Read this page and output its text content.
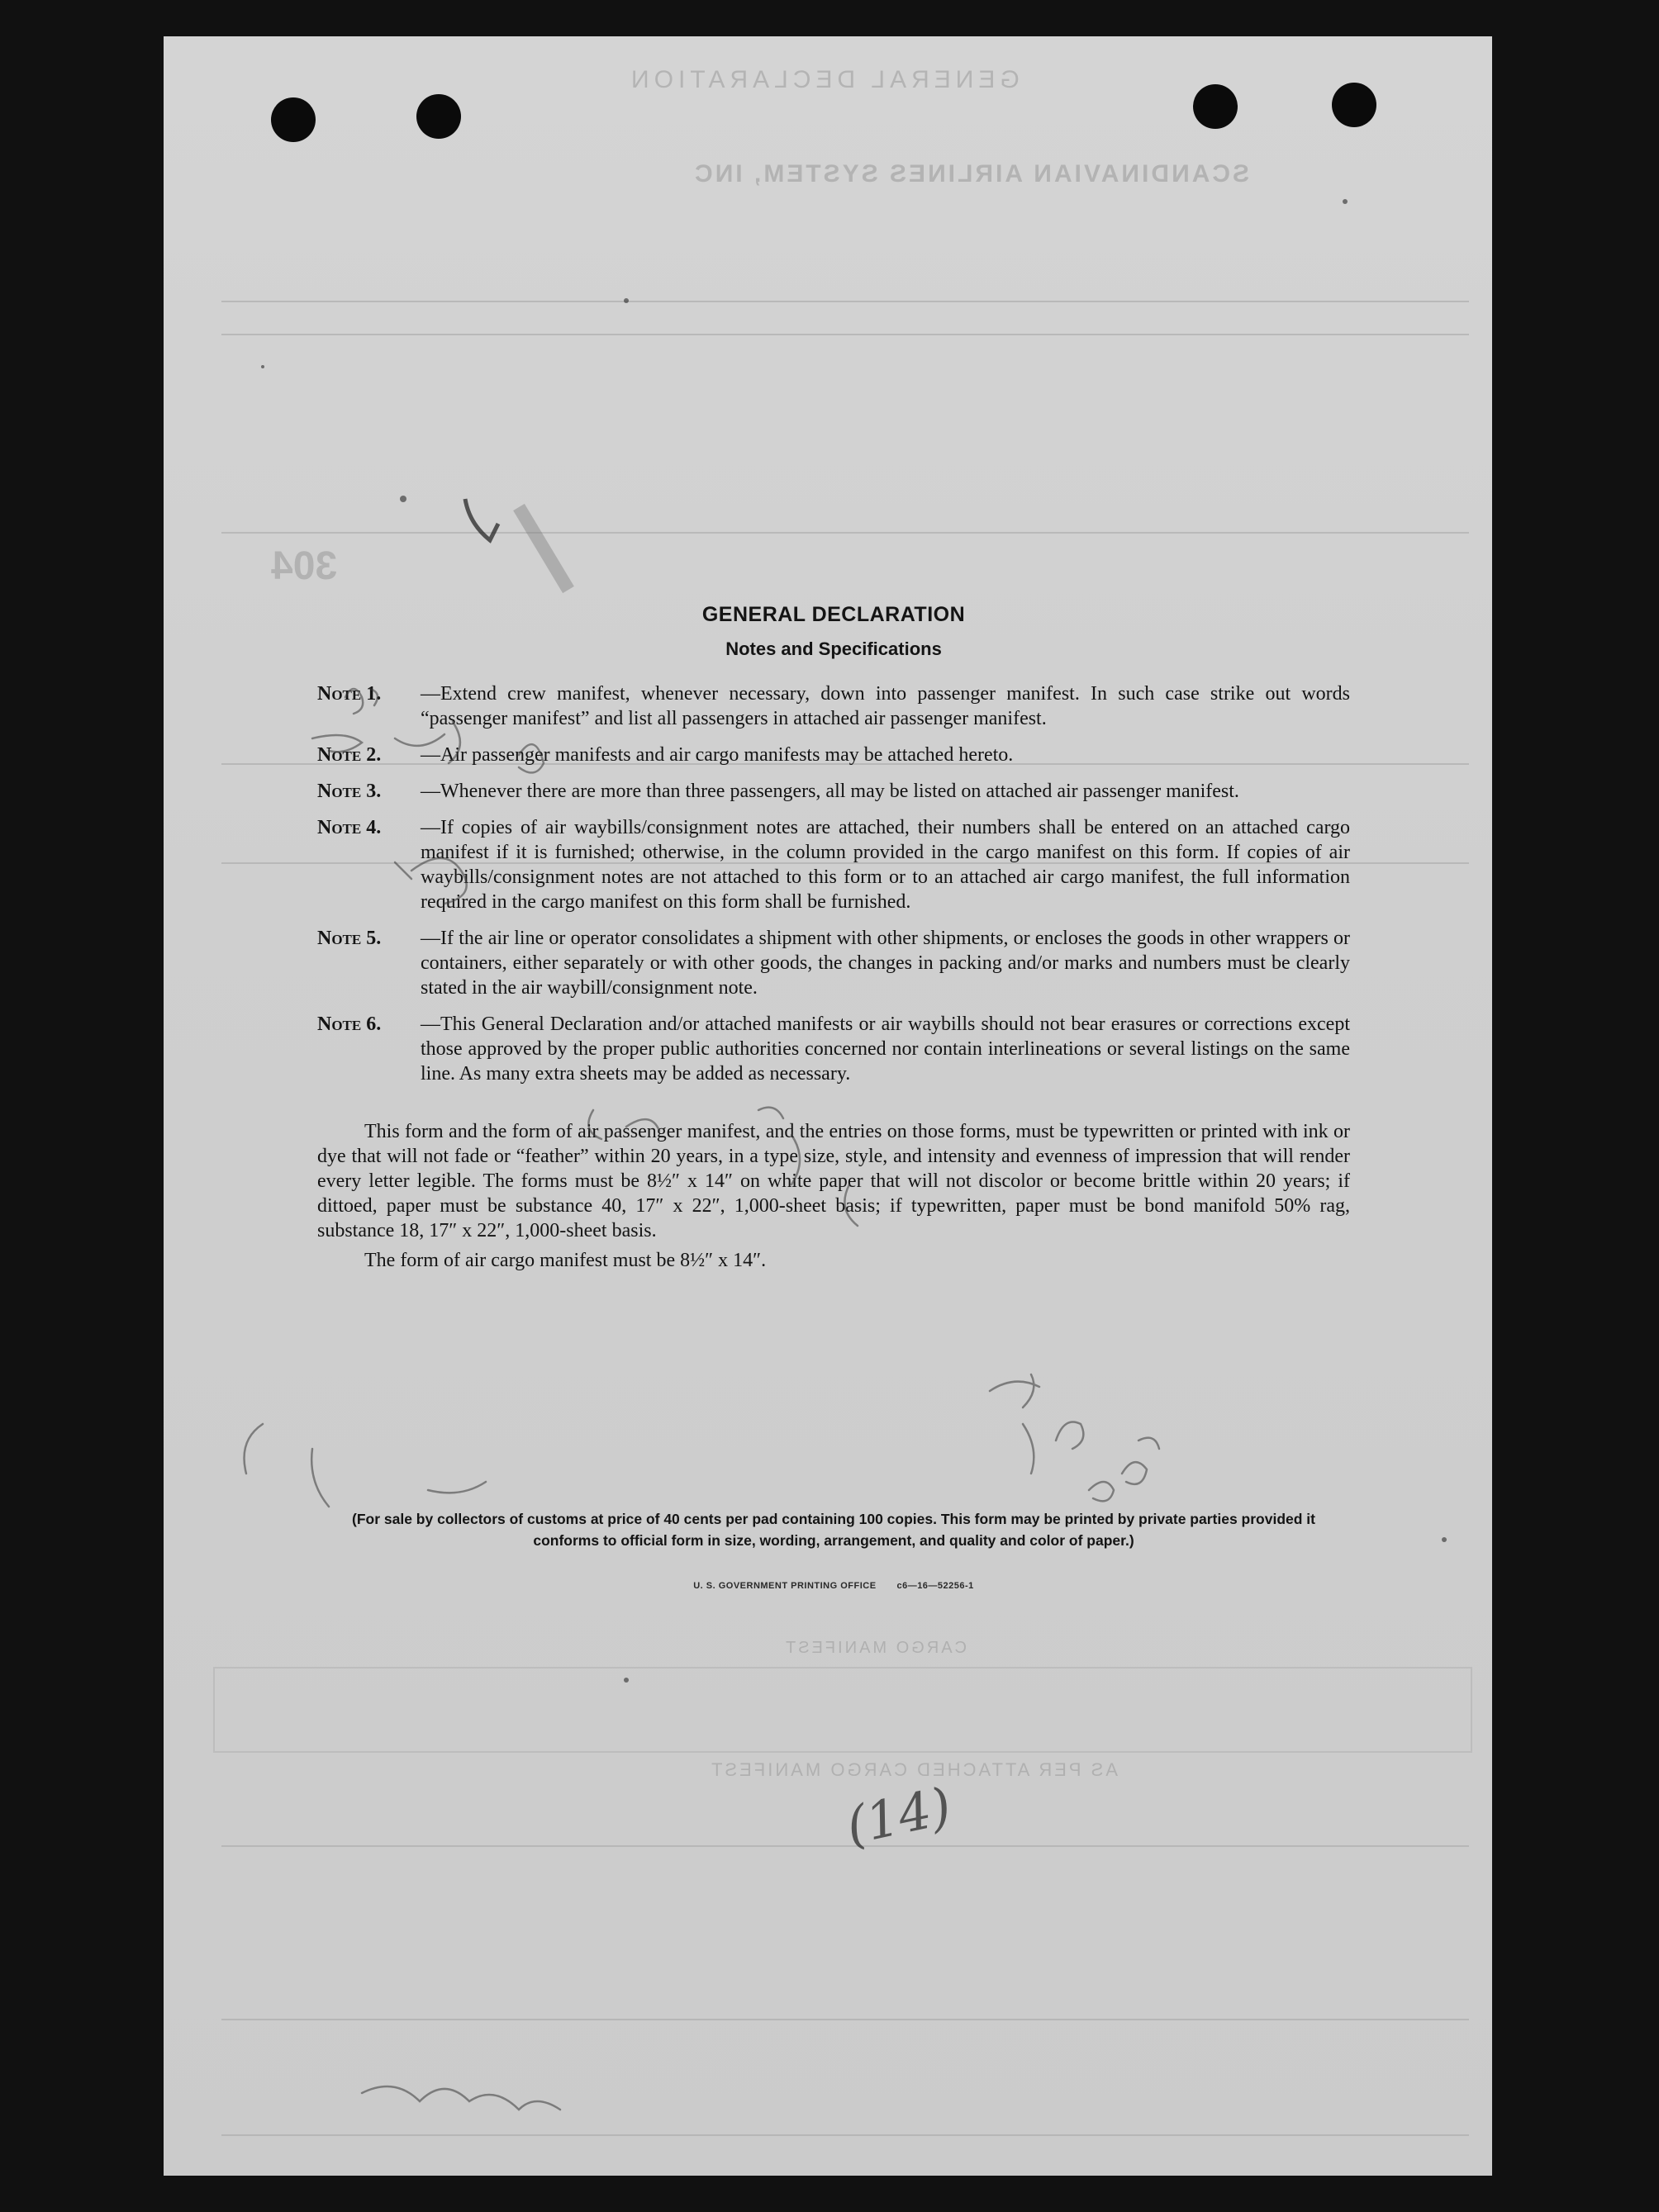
GENERAL DECLARATION
SCANDINAVIAN AIRLINES SYSTEM, INC
304
CARGO MANIFEST
AS PER ATTACHED CARGO MANIFEST
GENERAL DECLARATION
Notes and Specifications
Note 1.	—Extend crew manifest, whenever necessary, down into passenger manifest. In such case strike out words “passenger manifest” and list all passengers in attached air passenger manifest.
Note 2.	—Air passenger manifests and air cargo manifests may be attached hereto.
Note 3.	—Whenever there are more than three passengers, all may be listed on attached air passenger manifest.
Note 4.	—If copies of air waybills/consignment notes are attached, their numbers shall be entered on an attached cargo manifest if it is furnished; otherwise, in the column provided in the cargo manifest on this form. If copies of air waybills/consignment notes are not attached to this form or to an attached air cargo manifest, the full information required in the cargo manifest on this form shall be furnished.
Note 5.	—If the air line or operator consolidates a shipment with other shipments, or encloses the goods in other wrappers or containers, either separately or with other goods, the changes in packing and/or marks and numbers must be clearly stated in the air waybill/consignment note.
Note 6.	—This General Declaration and/or attached manifests or air waybills should not bear erasures or corrections except those approved by the proper public authorities concerned nor contain interlineations or several listings on the same line. As many extra sheets may be added as necessary.

This form and the form of air passenger manifest, and the entries on those forms, must be typewritten or printed with ink or dye that will not fade or “feather” within 20 years, in a type size, style, and intensity and evenness of impression that will render every letter legible. The forms must be 8½″ x 14″ on white paper that will not discolor or become brittle within 20 years; if dittoed, paper must be substance 40, 17″ x 22″, 1,000-sheet basis; if typewritten, paper must be bond manifold 50% rag, substance 18, 17″ x 22″, 1,000-sheet basis.

The form of air cargo manifest must be 8½″ x 14″.

(For sale by collectors of customs at price of 40 cents per pad containing 100 copies. This form may be printed by private parties provided it conforms to official form in size, wording, arrangement, and quality and color of paper.)
U. S. GOVERNMENT PRINTING OFFICE c6—16—52256-1
(14)
